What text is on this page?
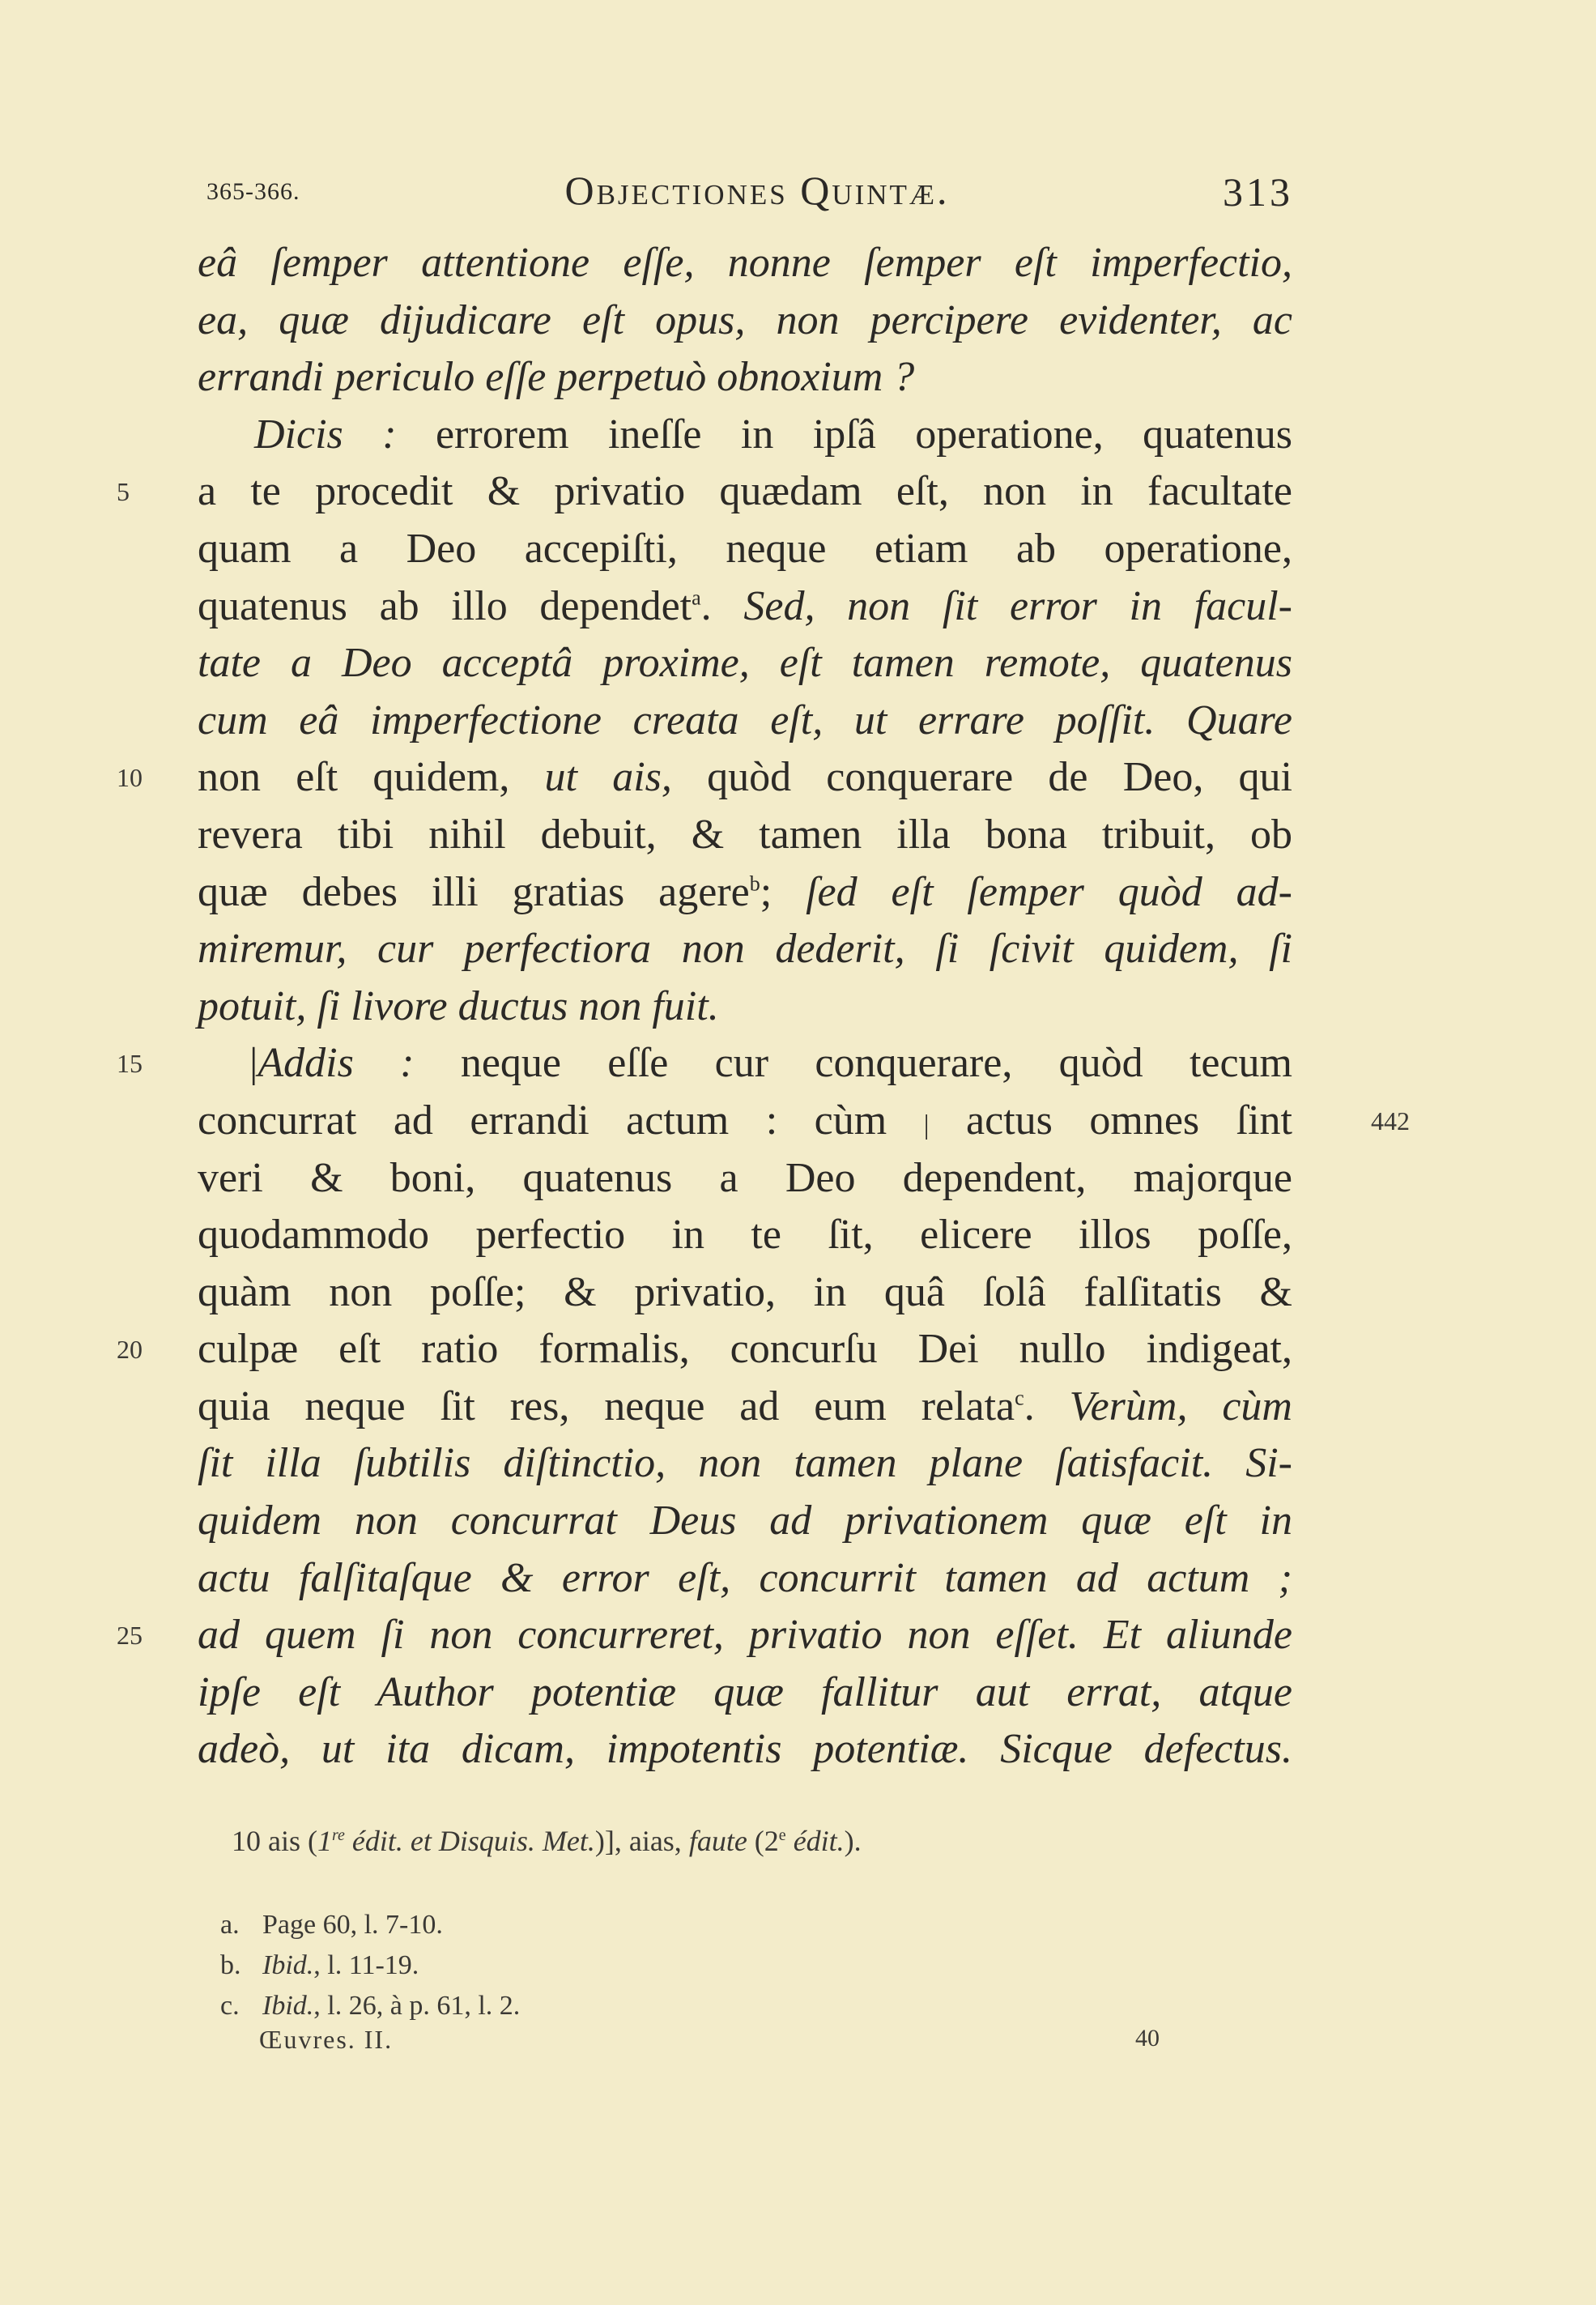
365-366.	Objectiones Quintæ.	313
eâ ſemper attentione eſſe, nonne ſemper eſt imperfectio,
ea, quæ dijudicare eſt opus, non percipere evidenter, ac
errandi periculo eſſe perpetuò obnoxium ?
Dicis : errorem ineſſe in ipſâ operatione, quatenus
5	a te procedit & privatio quædam eſt, non in facultate
quam a Deo accepiſti, neque etiam ab operatione,
quatenus ab illo dependet$^a$. Sed, non ſit error in facul-
tate a Deo acceptâ proxime, eſt tamen remote, quatenus
cum eâ imperfectione creata eſt, ut errare poſſit. Quare
10	non eſt quidem, ut ais, quòd conquerare de Deo, qui
revera tibi nihil debuit, & tamen illa bona tribuit, ob
quæ debes illi gratias agere$^b$; ſed eſt ſemper quòd ad-
miremur, cur perfectiora non dederit, ſi ſcivit quidem, ſi
potuit, ſi livore ductus non fuit.
15	|Addis : neque eſſe cur conquerare, quòd tecum
concurrat ad errandi actum : cùm | actus omnes ſint	442
veri & boni, quatenus a Deo dependent, majorque
quodammodo perfectio in te ſit, elicere illos poſſe,
quàm non poſſe; & privatio, in quâ ſolâ falſitatis &
20	culpæ eſt ratio formalis, concurſu Dei nullo indigeat,
quia neque ſit res, neque ad eum relata$^c$. Verùm, cùm
ſit illa ſubtilis diſtinctio, non tamen plane ſatisfacit. Si-
quidem non concurrat Deus ad privationem quæ eſt in
actu falſitaſque & error eſt, concurrit tamen ad actum ;
25	ad quem ſi non concurreret, privatio non eſſet. Et aliunde
ipſe eſt Author potentiæ quæ fallitur aut errat, atque
adeò, ut ita dicam, impotentis potentiæ. Sicque defectus.
10 ais (1re édit. et Disquis. Met.)], aias, faute (2e édit.).
a. Page 60, l. 7-10.
b. Ibid., l. 11-19.
c. Ibid., l. 26, à p. 61, l. 2.
Œuvres. II.	40
